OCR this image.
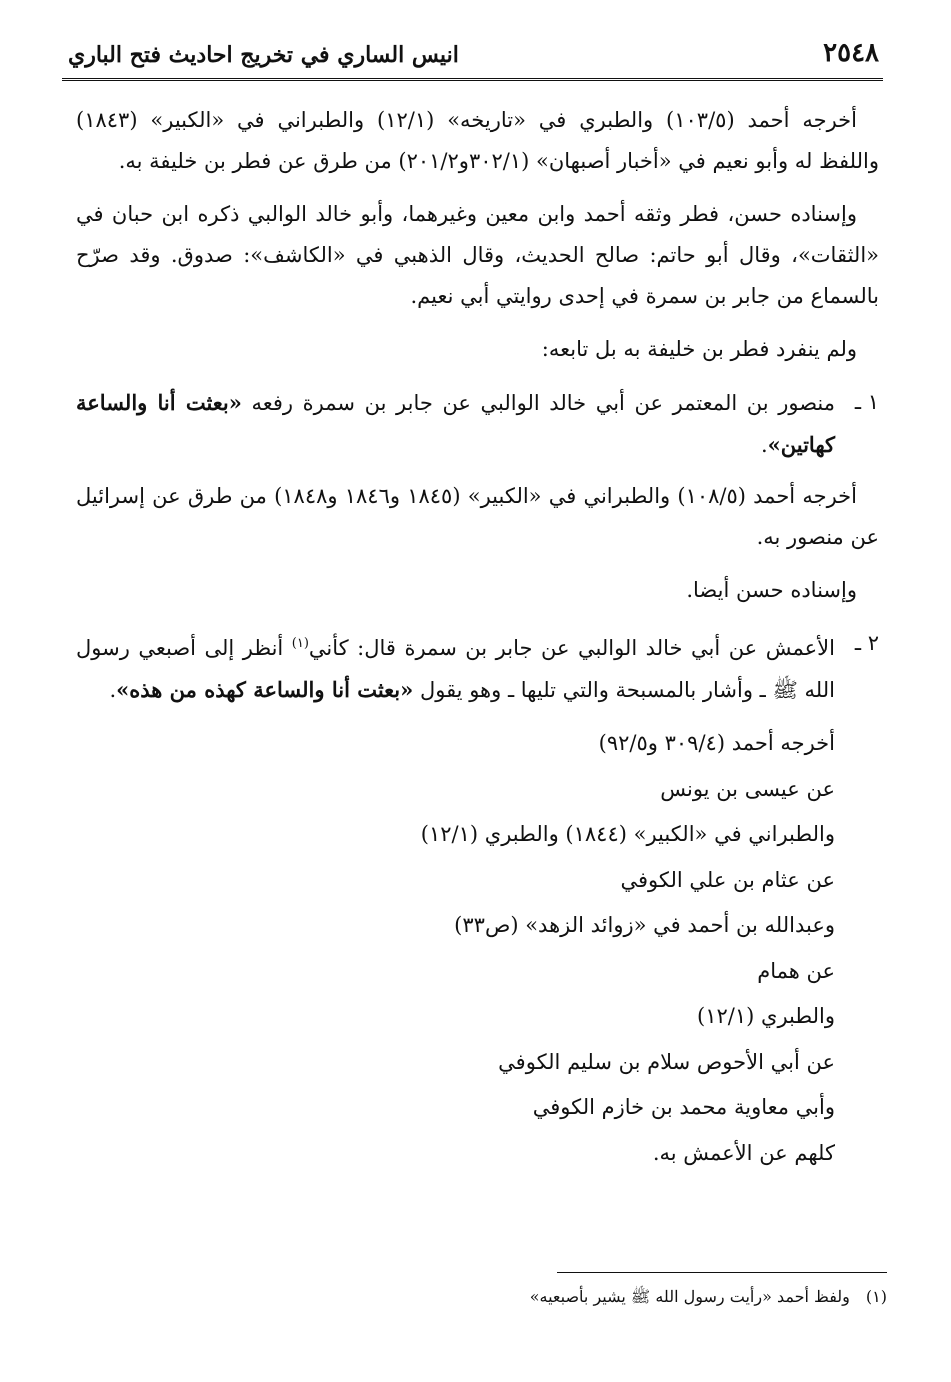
٢٥٤٨
انيس الساري في تخريج احاديث فتح الباري

أخرجه أحمد (١٠٣/٥) والطبري في «تاريخه» (١٢/١) والطبراني في «الكبير» (١٨٤٣) واللفظ له وأبو نعيم في «أخبار أصبهان» (٣٠٢/١و٢٠١/٢) من طرق عن فطر بن خليفة به.

وإسناده حسن، فطر وثقه أحمد وابن معين وغيرهما، وأبو خالد الوالبي ذكره ابن حبان في «الثقات»، وقال أبو حاتم: صالح الحديث، وقال الذهبي في «الكاشف»: صدوق. وقد صرّح بالسماع من جابر بن سمرة في إحدى روايتي أبي نعيم.

ولم ينفرد فطر بن خليفة به بل تابعه:

١ ـ
منصور بن المعتمر عن أبي خالد الوالبي عن جابر بن سمرة رفعه «بعثت أنا والساعة كهاتين».

أخرجه أحمد (١٠٨/٥) والطبراني في «الكبير» (١٨٤٥ و١٨٤٦ و١٨٤٨) من طرق عن إسرائيل عن منصور به.

وإسناده حسن أيضا.

٢ ـ
الأعمش عن أبي خالد الوالبي عن جابر بن سمرة قال: كأني$^{(١)}$ أنظر إلى أصبعي رسول الله ﷺ ـ وأشار بالمسبحة والتي تليها ـ وهو يقول «بعثت أنا والساعة كهذه من هذه».
أخرجه أحمد (٣٠٩/٤ و٩٢/٥)
عن عيسى بن يونس
والطبراني في «الكبير» (١٨٤٤) والطبري (١٢/١)
عن عثام بن علي الكوفي
وعبدالله بن أحمد في «زوائد الزهد» (ص٣٣)
عن همام
والطبري (١٢/١)
عن أبي الأحوص سلام بن سليم الكوفي
وأبي معاوية محمد بن خازم الكوفي
كلهم عن الأعمش به.
(١)ولفظ أحمد «رأيت رسول الله ﷺ يشير بأصبعيه»
